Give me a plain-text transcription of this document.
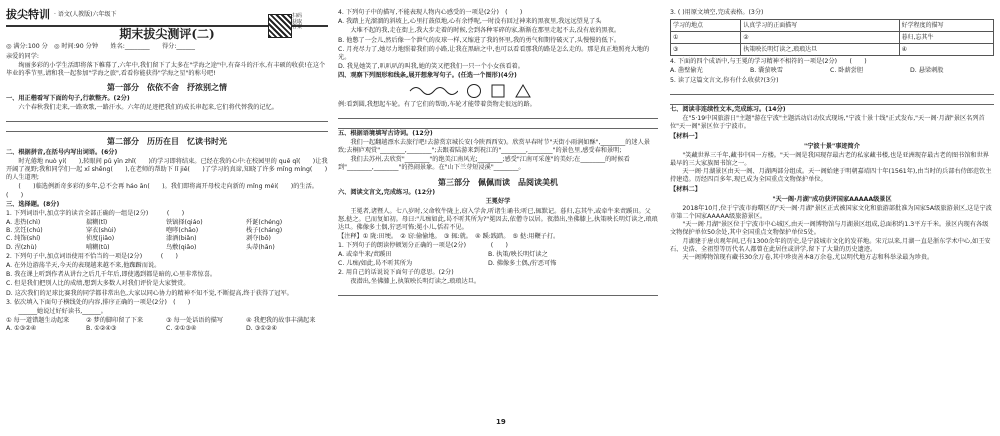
拔尖特训 · 语文(人教版)六年级下
期末拔尖测评(二)
◎ 满分:100 分　◎ 时间:90 分钟　　姓名:________　　得分:______
亲爱的同学:
　　绚丽多彩的小学生活即将落下帷幕了,六年中,我们留下了太多在"学海之途"中,有奋斗的汗水,有丰硕的收获!在这个毕业的季节里,请和我一起参加"学海之旅",看看你能获得"学海之星"的称号吧!
第一部分　依依不舍　抒浓别之情
一、用正楷看写下面的句子,行款整齐。(2分)
　　六个春秋我们走来,一路欢歌,一路汗水。六年的足迹把我们的成长串起来,它们将代替我的记忆。
第二部分　历历在目　忆读书时光
二、根据拼音,在括号内写出词语。(6分)
　　时光倦地 nuò yí(　　),转眼间 pǔ yīn zhǐ(　　)的学习即将结束。已经在我的心中:在校园里的 quē qǐ(　　)让我开阔了视野;我和同学们一起 xī shēng(　　),在老师的帮助下 lǐ jiě(　　)了学习的真谛,知晓了许多 mǐng míng(　　)的人生道理;
　　(　　)临选例新奇多彩的多年,总不会再 háo ān(　　)。我们即将离开母校走向新的 mǐng méi(　　)的生活。(　　)
三、选择题。(8分)
1. 下列词语中,加点字的读音全部正确的一组是(2分)　　　(　　)
A. 悲热(chì)	揣糊(tǐ)	铁镐择(qiáo)	歼诞(chéng)
B. 烹饪(chú)	穿衣(shùi)	咆哮(chāo)	栈子(cháng)
C. 纯饰(shí)	侦度(jiāo)	漆酒(biǎn)	剥夺(bō)
D. 涅(zhù)	哺糊(tǔ)	鸟敷(qiāo)	头蒂(hān)
2. 下列句子中,加点词语使用不恰当的一项是(2分)　　　(　　)
A. 在外边游荡半天,今天的表现越来越不来,他踟蹰而说。
B. 我在课上听到作者从讲台之后几千年后,即使遇到都是暗的,心里非常惊喜。
C. 但是我们把别人比的成绩,想到大多数人对我们评价是大家赞赏。
D. 这次我们的足球比赛我的同学都非常出色,大家以同心协力的精神不知不觉,不断提高,终于获得了冠军。
3. 依次填入下面句子横线处的内容,排序正确的一项是(2分)　(　　)
　　______她说过好好读书,______。
① 每一道错题生动起来	② 梦的脚印留了下来	③ 每一处话语的描写	④ 我把我的故事丰满起来
A. ①③②④	B. ①②④③	C. ②①③④	D. ③①②④
扫码获取答案
4. 下列句子中的描写,不能表现人物内心感受的一项是(2分)　(　　)
A. 我踏上光溜溜的斜坡上,心里打鼓似地,心有余悸呢,一时没有回过神来的黑夜里,我远远望见了头
　　大堆不起的我,走在街上,我大步走着的时候,会到各种零碎的家,渐渐在那里走起不去,没有底的黑夜。
B. 他憋了一会儿,然后像一个泄气的皮球一样,又缩进了我的怀里,我的勇气和期待破灭了,头慢慢的低下。
C. 月亮尽力了,她尽力地照着我们的小路,让我在黑暗之中,也可以看看那我的路是怎么走的。那是真正地照亮大地的光。
D. 我见她笑了,叭叭叭的叫我,她的笑又把我们一只一个小女孩看着。
四、观察下列图形和线条,展开想象写句子。(任选一个图形)(4分)
例:看到圆,我想起车轮。有了它们的帮助,车轮才能带着货物走很远的路。
五、根据语境填写古诗词。(12分)
　　我们一起翻越漂水去旅行吧!去游赏京城长安(今陕西西安)。欣赏早春时节"天街小雨润如酥",________的迷人景致;去桐庐观赏"________,________";去跟着陆游来到祝江的"________,________"的景色里,感受春和景明;
　　我们去苏州,去欣赏"________"的绝美江南风光;________;感受"江南可采莲"的美好;在________的时候看到"________,________"的热闹景象。在"山下兰芽短浸溪"________。
第三部分　佩佩而读　品阅读美机
六、阅读文言文,完成练习。(12分)
王冕好学
　　王冕者,诸暨人。七八岁时,父命牧牛陇上,窃入学舍,听诸生诵书;听已,辄默记。暮归,忘其牛,或牵牛来责蹊田。父怒,挞之。已而复如初。母曰:"儿痴如此,曷不听其所为?"冕因去,依僧寺以居。夜潜出,坐佛膝上,执策映长明灯读之,琅琅达旦。佛像多土偶,狞恶可怖;冕小儿,恬若不见。
【注释】① 陇:田埂。　② 窃:偷偷地。　③ 辄:就。　④ 蹊:践踏。　⑤ 挞:用鞭子打。
1. 下列句子的朗读停顿划分正确的一项是(2分)　　　　(　　)
A. 或牵牛来/责蹊田	B. 执策/映长明灯读之
C. 儿痴/如此,曷不听其所为	D. 佛像多土偶,/狞恶可怖
2. 用自己的话说说下面句子的意思。(2分)
　　夜潜出,坐佛膝上,执策映长明灯读之,琅琅达旦。
3. ( )用原文填空,完成表格。(3分)
学习的地点	认真学习的正面描写	好学程度的描写
①	②	暮归,忘其牛
③	执策映长明灯读之,琅琅达旦	④
4. 下面的四个成语中,与王冕的学习精神不相符的一项是(2分)　　(　　)
A. 凿壁偷光	B. 囊萤映雪	C. 卧薪尝胆	D. 悬梁刺股
5. 读了这篇文言文,你有什么收获?(3分)
七、阅读非连续性文本,完成练习。(14分)
　　在"5·19中国旅游日"主题"游在宁波"主题活动启动仪式现场,"宁波十景十线"正式发布,"天一阁·月湖"景区名列首位"天一阁"景区位于宁波市。
【材料一】
"宁波十景"事迹简介
　　"笑藏世界三千年,藏书中国一方楼。"天一阁是我国现存最古老的私家藏书楼,也是亚洲现存最古老的图书馆和世界最早的三大家族图书馆之一。
　　天一阁·月湖景区由天一阁、月湖两部分组成。天一阁始建于明朝嘉靖四十年(1561年),由当时的兵部右侍郎范钦主持建造。历经四百多年,现已成为全国重点文物保护单位。
【材料二】
"天一阁·月湖"成功获评国家AAAAA级景区
　　2018年10月,位于宁波市海曙区的"天一阁·月湖"景区正式被国家文化和旅游部批准为国家5A级旅游景区,这是宁波市第二个国家AAAAA级旅游景区。
　　"天一阁·月湖"景区位于宁波市中心城区,由天一阁博物馆与月湖景区组成,总面积约1.3平方千米。景区内现有各级文物保护单位50余处,其中全国重点文物保护单位5处。
　　月湖建于唐贞观年间,已有1300余年的历史,是宁波城市文化的发祥地。宋元以来,月湖一直是浙东学术中心,如王安石、史浩、全祖望等历代名人都曾在此居住或讲学,留下了大量的历史遗迹。
　　天一阁博物馆现有藏书30余万卷,其中珍贵善本8万余卷,尤以明代地方志和科举录最为珍贵。
19
